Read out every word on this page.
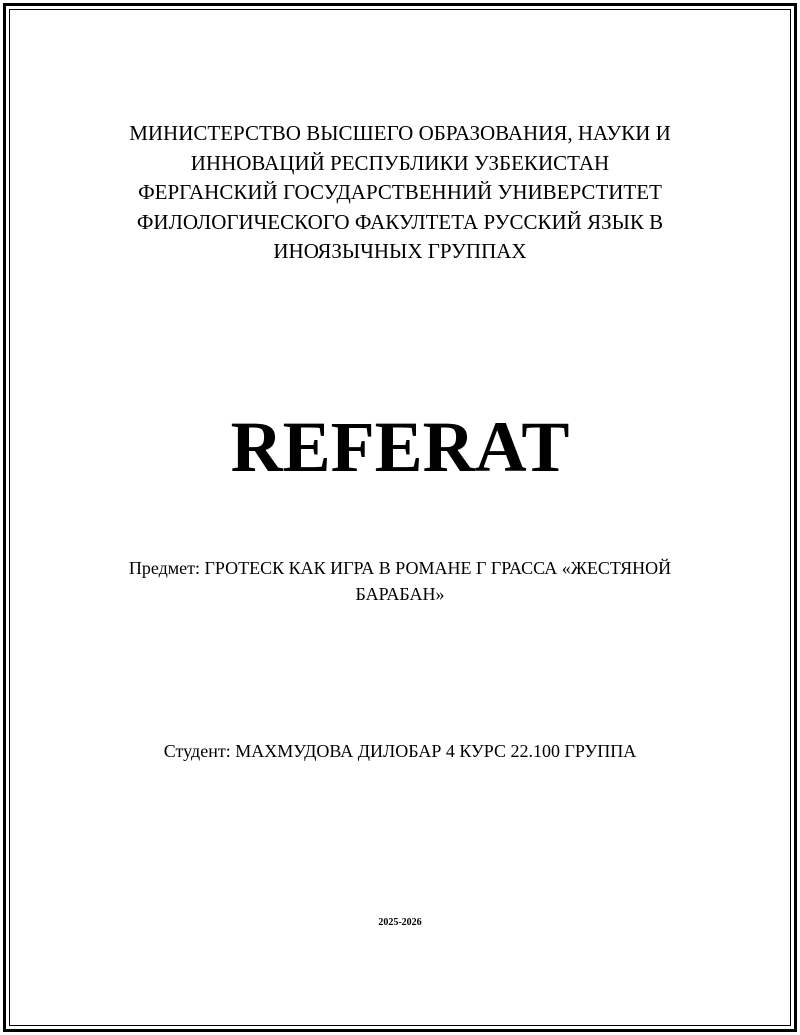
МИНИСТЕРСТВО ВЫСШЕГО ОБРАЗОВАНИЯ, НАУКИ И
ИННОВАЦИЙ РЕСПУБЛИКИ УЗБЕКИСТАН
ФЕРГАНСКИЙ ГОСУДАРСТВЕННИЙ УНИВЕРСТИТЕТ
ФИЛОЛОГИЧЕСКОГО ФАКУЛТЕТА РУССКИЙ ЯЗЫК В
ИНОЯЗЫЧНЫХ ГРУППАХ
REFERAT
Предмет: ГРОТЕСК КАК ИГРА В РОМАНЕ Г ГРАССА «ЖЕСТЯНОЙ
БАРАБАН»
Студент: МАХМУДОВА ДИЛОБАР 4 КУРС 22.100 ГРУППА
2025-2026
